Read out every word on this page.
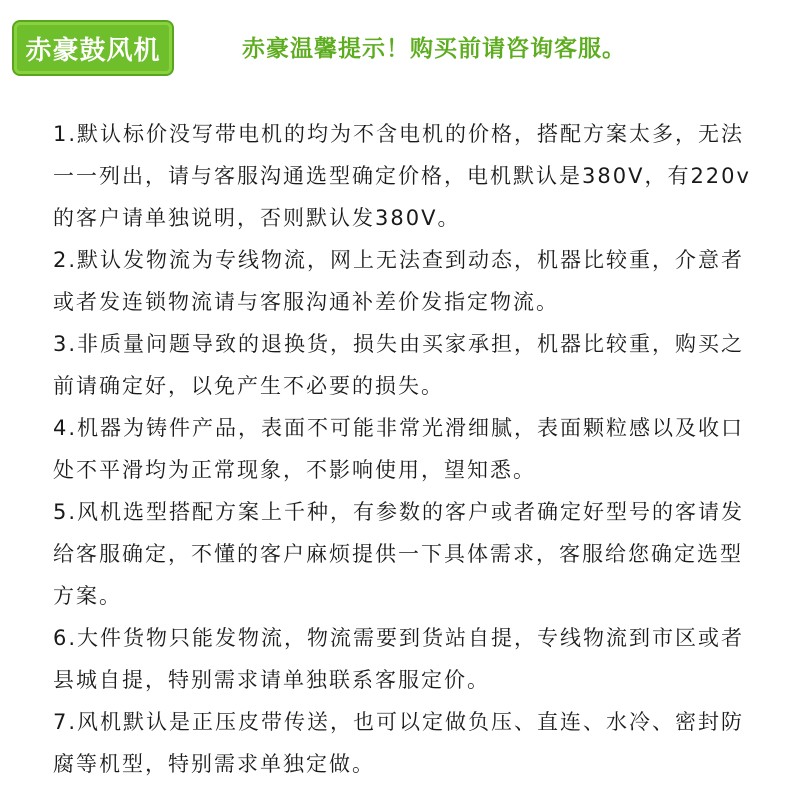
赤豪鼓风机	赤豪温馨提示！购买前请咨询客服。
1.默认标价没写带电机的均为不含电机的价格，搭配方案太多，无法一一列出，请与客服沟通选型确定价格，电机默认是380V，有220v的客户请单独说明，否则默认发380V。
2.默认发物流为专线物流，网上无法查到动态，机器比较重，介意者或者发连锁物流请与客服沟通补差价发指定物流。
3.非质量问题导致的退换货，损失由买家承担，机器比较重，购买之前请确定好，以免产生不必要的损失。
4.机器为铸件产品，表面不可能非常光滑细腻，表面颗粒感以及收口处不平滑均为正常现象，不影响使用，望知悉。
5.风机选型搭配方案上千种，有参数的客户或者确定好型号的客请发给客服确定，不懂的客户麻烦提供一下具体需求，客服给您确定选型方案。
6.大件货物只能发物流，物流需要到货站自提，专线物流到市区或者县城自提，特别需求请单独联系客服定价。
7.风机默认是正压皮带传送，也可以定做负压、直连、水冷、密封防腐等机型，特别需求单独定做。
